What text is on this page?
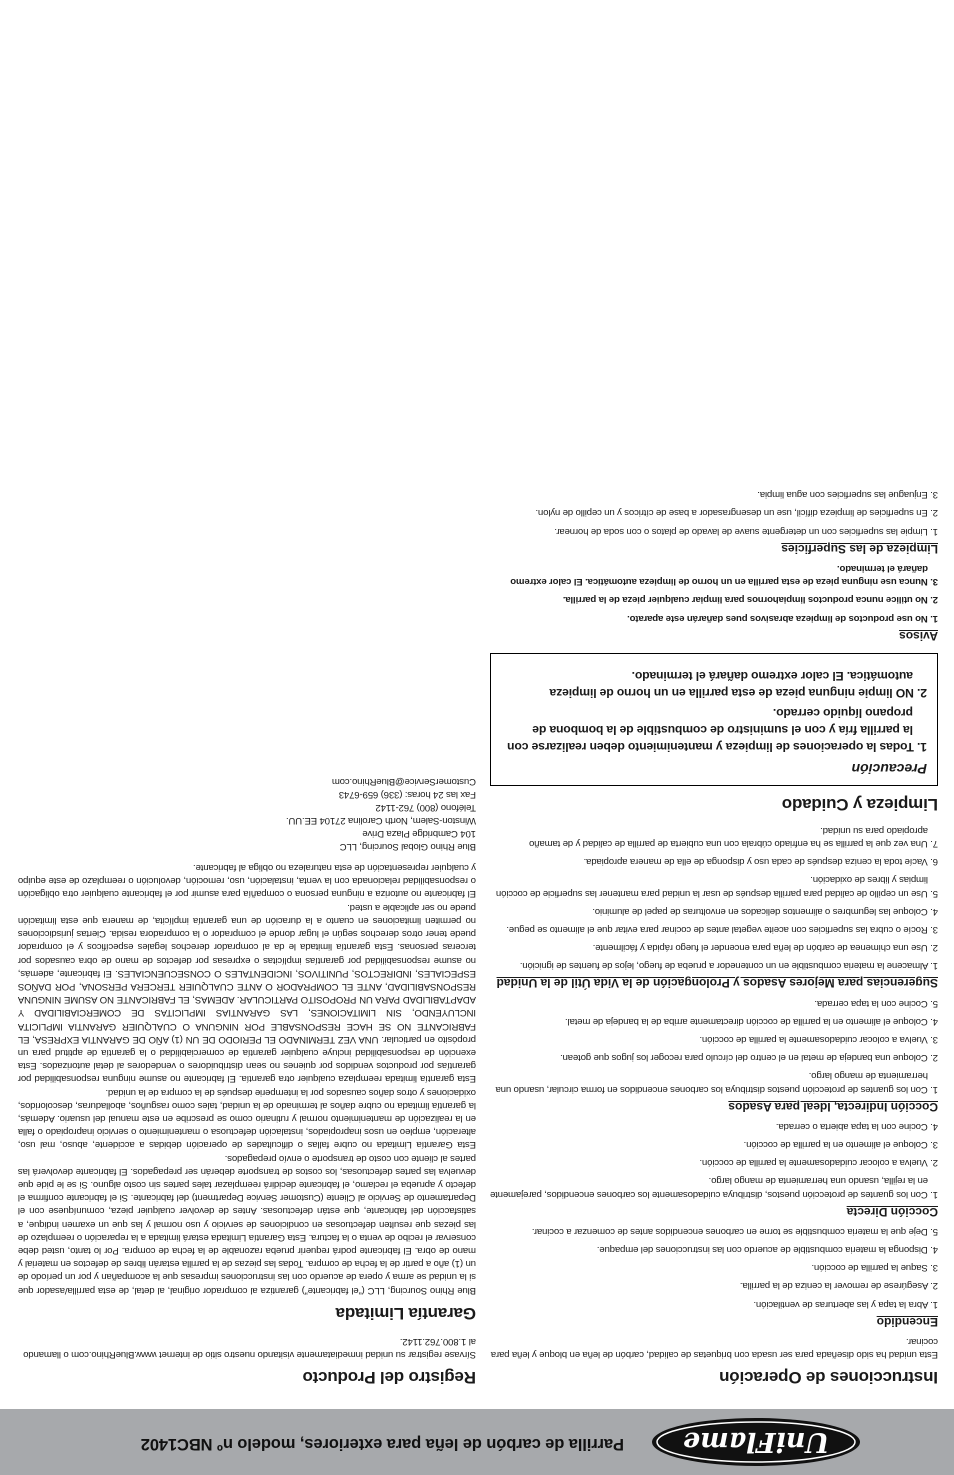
UniFlame
Parrilla de carbón de leña para exteriores, modelo nº NBC1402
Instrucciones de Operación

Esta unidad ha sido diseñada para ser usada con briquetas de calidad, carbón de leña en bloque y leña para cocinar.

Encendido
1. Abra la tapa y las aberturas de ventilación.
2. Asegúrese de remover la ceniza de la parrilla.
3. Saque la parrilla de cocción.
4. Disponga la materia combustible de acuerdo con las instrucciones del empaque.
5. Deje que la materia combustible se torne en carbones encendidos antes de comenzar a cocinar.
Cocción Directa
1. Con los guantes de protección puestos, distribuya cuidadosamente los carbones encendidos, parejamente en la rejilla, usando una herramienta de mango largo.
2. Vuelva a colocar cuidadosamente la parrilla de cocción.
3. Coloque el alimento en la parrilla de cocción.
4. Cocine con la tapa abierta o cerrada.
Cocción Indirecta, Ideal para Asados
1. Con los guantes de protección puestos distribuya los carbones encendidos en forma circular, usando una herramienta de mango largo.
2. Coloque una bandeja de metal en el centro del círculo para recoger los jugos que gotean.
3. Vuelva a colocar cuidadosamente la parrilla de cocción.
4. Coloque el alimento en la parrilla de cocción directamente arriba de la bandeja de metal.
5. Cocine con la tapa cerrada.
Sugerencias para Mejores Asados y Prolongación de la Vida Útil de la Unidad
1. Almacene la materia combustible en un contenedor a prueba de fuego, lejos de fuentes de ignición.
2. Use una chimenea de carbón de leña para encender el fuego rápida y fácilmente.
3. Rocíe o cubra las superficies con aceite vegetal antes de cocinar para evitar que el alimento se pegue.
4. Coloque las legumbres o alimentos delicados en envolturas de papel de aluminio.
5. Use un cepillo de calidad para parrilla después de usar la unidad para mantener las superficie de cocción limpias y libres de oxidación.
6. Vacíe toda la ceniza después de cada uso y disponga de ella de manera apropiada.
7. Una vez que la parrilla se ha enfriado cúbrala con una cubierta de parrilla de calidad y de tamaño apropiado para su unidad.
Limpieza y Cuidado
Precaución
1. Todas la operaciones de limpieza y mantenimiento deben realizarse con la parrilla fría y con el suministro de combustible de la bombona de propano líquido cerrado.
2. NO limpie ninguna pieza de esta parrilla en un horno de limpieza automática. El calor extremo dañará el terminado.
Avisos
1. No use productos de limpieza abrasivos pues dañarán este aparato.
2. No utilice nunca productos limpiahornos para limpiar cualquier pieza de la parrilla.
3. Nunca use ninguna pieza de esta parrilla en un horno de limpieza automática. El calor extremo dañará el terminado.
Limpieza de las Superficies
1. Limpie las superficies con un detergente suave de lavado de platos o con soda de hornear.
2. En superficies de limpieza difícil, use un desengrasador a base de cítricos y un cepillo de nylon.
3. Enjuague las superficies con agua limpia.
Registro del Producto

Sírvase registrar su unidad inmediatamente visitando nuestro sitio de internet www.BlueRhino.com o llamando al 1.800.762.1142.

Garantía Limitada

Blue Rhino Sourcing, LLC (“el fabricante”) garantiza al comprador original, al detal, de esta parrilla/asador que si la unidad se arma y opera de acuerdo con las instrucciones impresas que la acompañan y por un período de un (1) año a partir de la fecha de compra. Todas las piezas de la parrilla estarán libres de defectos en material y mano de obra. El fabricante podrá requerir prueba razonable de la fecha de compra. Por lo tanto, usted debe conservar el recibo de venta o la factura. Esta Garantía Limitada estará limitada a la reparación o reemplazo de las piezas que resulten defectuosas en condiciones de servicio y uso normal y las que un examen indique, a satisfacción del fabricante, que están defectuosas. Antes de devolver cualquier pieza, comuníquese con el Departamento de Servicio al Cliente (Customer Service Department) del fabricante. Si el fabricante confirma el defecto y aprueba el reclamo, el fabricante decidirá reemplazar tales partes sin costo alguno. Si se le pide que devuelva las partes defectuosas, los costos de transporte deberán ser prepagados. El fabricante devolverá las partes al cliente con costo de transporte o envío prepagados.

Esta Garantía Limitada no cubre fallas o dificultades de operación debidas a accidente, abuso, mal uso, alteración, empleo en usos inapropiados, instalación defectuosa o mantenimiento o servicio inapropiado o falla en la realización de mantenimiento normal y rutinario como se prescribe en este manual del usuario. Además, la garantía limitada no cubre daños al terminado de la unidad, tales como rasguños, abolladuras, descoloridos, oxidaciones y otros daños causados por la intemperie después de la compra de la unidad.

Esta garantía limitada reemplaza cualquier otra garantía. El fabricante no asume ninguna responsabilidad por garantías por productos vendidos por quienes no sean distribuidores o vendedores al detal autorizados. Esta exención de responsabilidad incluye cualquier garantía de comerciabilidad o la garantía de aptitud para un propósito en particular. UNA VEZ TERMINADO EL PERIODO DE UN (1) AÑO DE GARANTIA EXPRESA, EL FABRICANTE NO SE HACE RESPONSABLE POR NINGUNA O CUALQUIER GARANTIA IMPLICITA INCLUYENDO, SIN LIMITACIONES, LAS GARANTIAS IMPLICITAS DE COMERCIABILIDAD Y ADAPTABILIDAD PARA UN PROPOSITO PARTICULAR. ADEMAS, EL FABRICANTE NO ASUME NINGUNA RESPONSABILIDAD, ANTE EL COMPRADOR O ANTE CUALQUIER TERCERA PERSONA, POR DAÑOS ESPECIALES, INDIRECTOS, PUNITIVOS, INCIDENTALES O CONSECUENCIALES. El fabricante, además, no asume responsabilidad por garantías implícitas o expresas por defectos de mano de obra causados por terceras personas. Esta garantía limitada le da al comprador derechos legales específicos y el comprador puede tener otros derechos según el lugar donde el comprador o la compradora resida. Ciertas jurisdicciones no permiten limitaciones en cuanto a la duración de una garantía implícita, de manera que esta limitación puede no ser aplicable a usted.

El fabricante no autoriza a ninguna persona o compañía para asumir por el fabricante cualquier otra obligación o responsabilidad relacionada con la venta, instalación, uso, remoción, devolución o reemplazo de este equipo y cualquier representación de esta naturaleza no obliga al fabricante.

Blue Rhino Global Sourcing, LLC

104 Cambridge Plaza Drive

Winston-Salem, North Carolina 27104 EE.UU.

Teléfono (800) 762-1142

Fax las 24 horas: (336) 659-6743

CustomerService@BlueRhino.com
